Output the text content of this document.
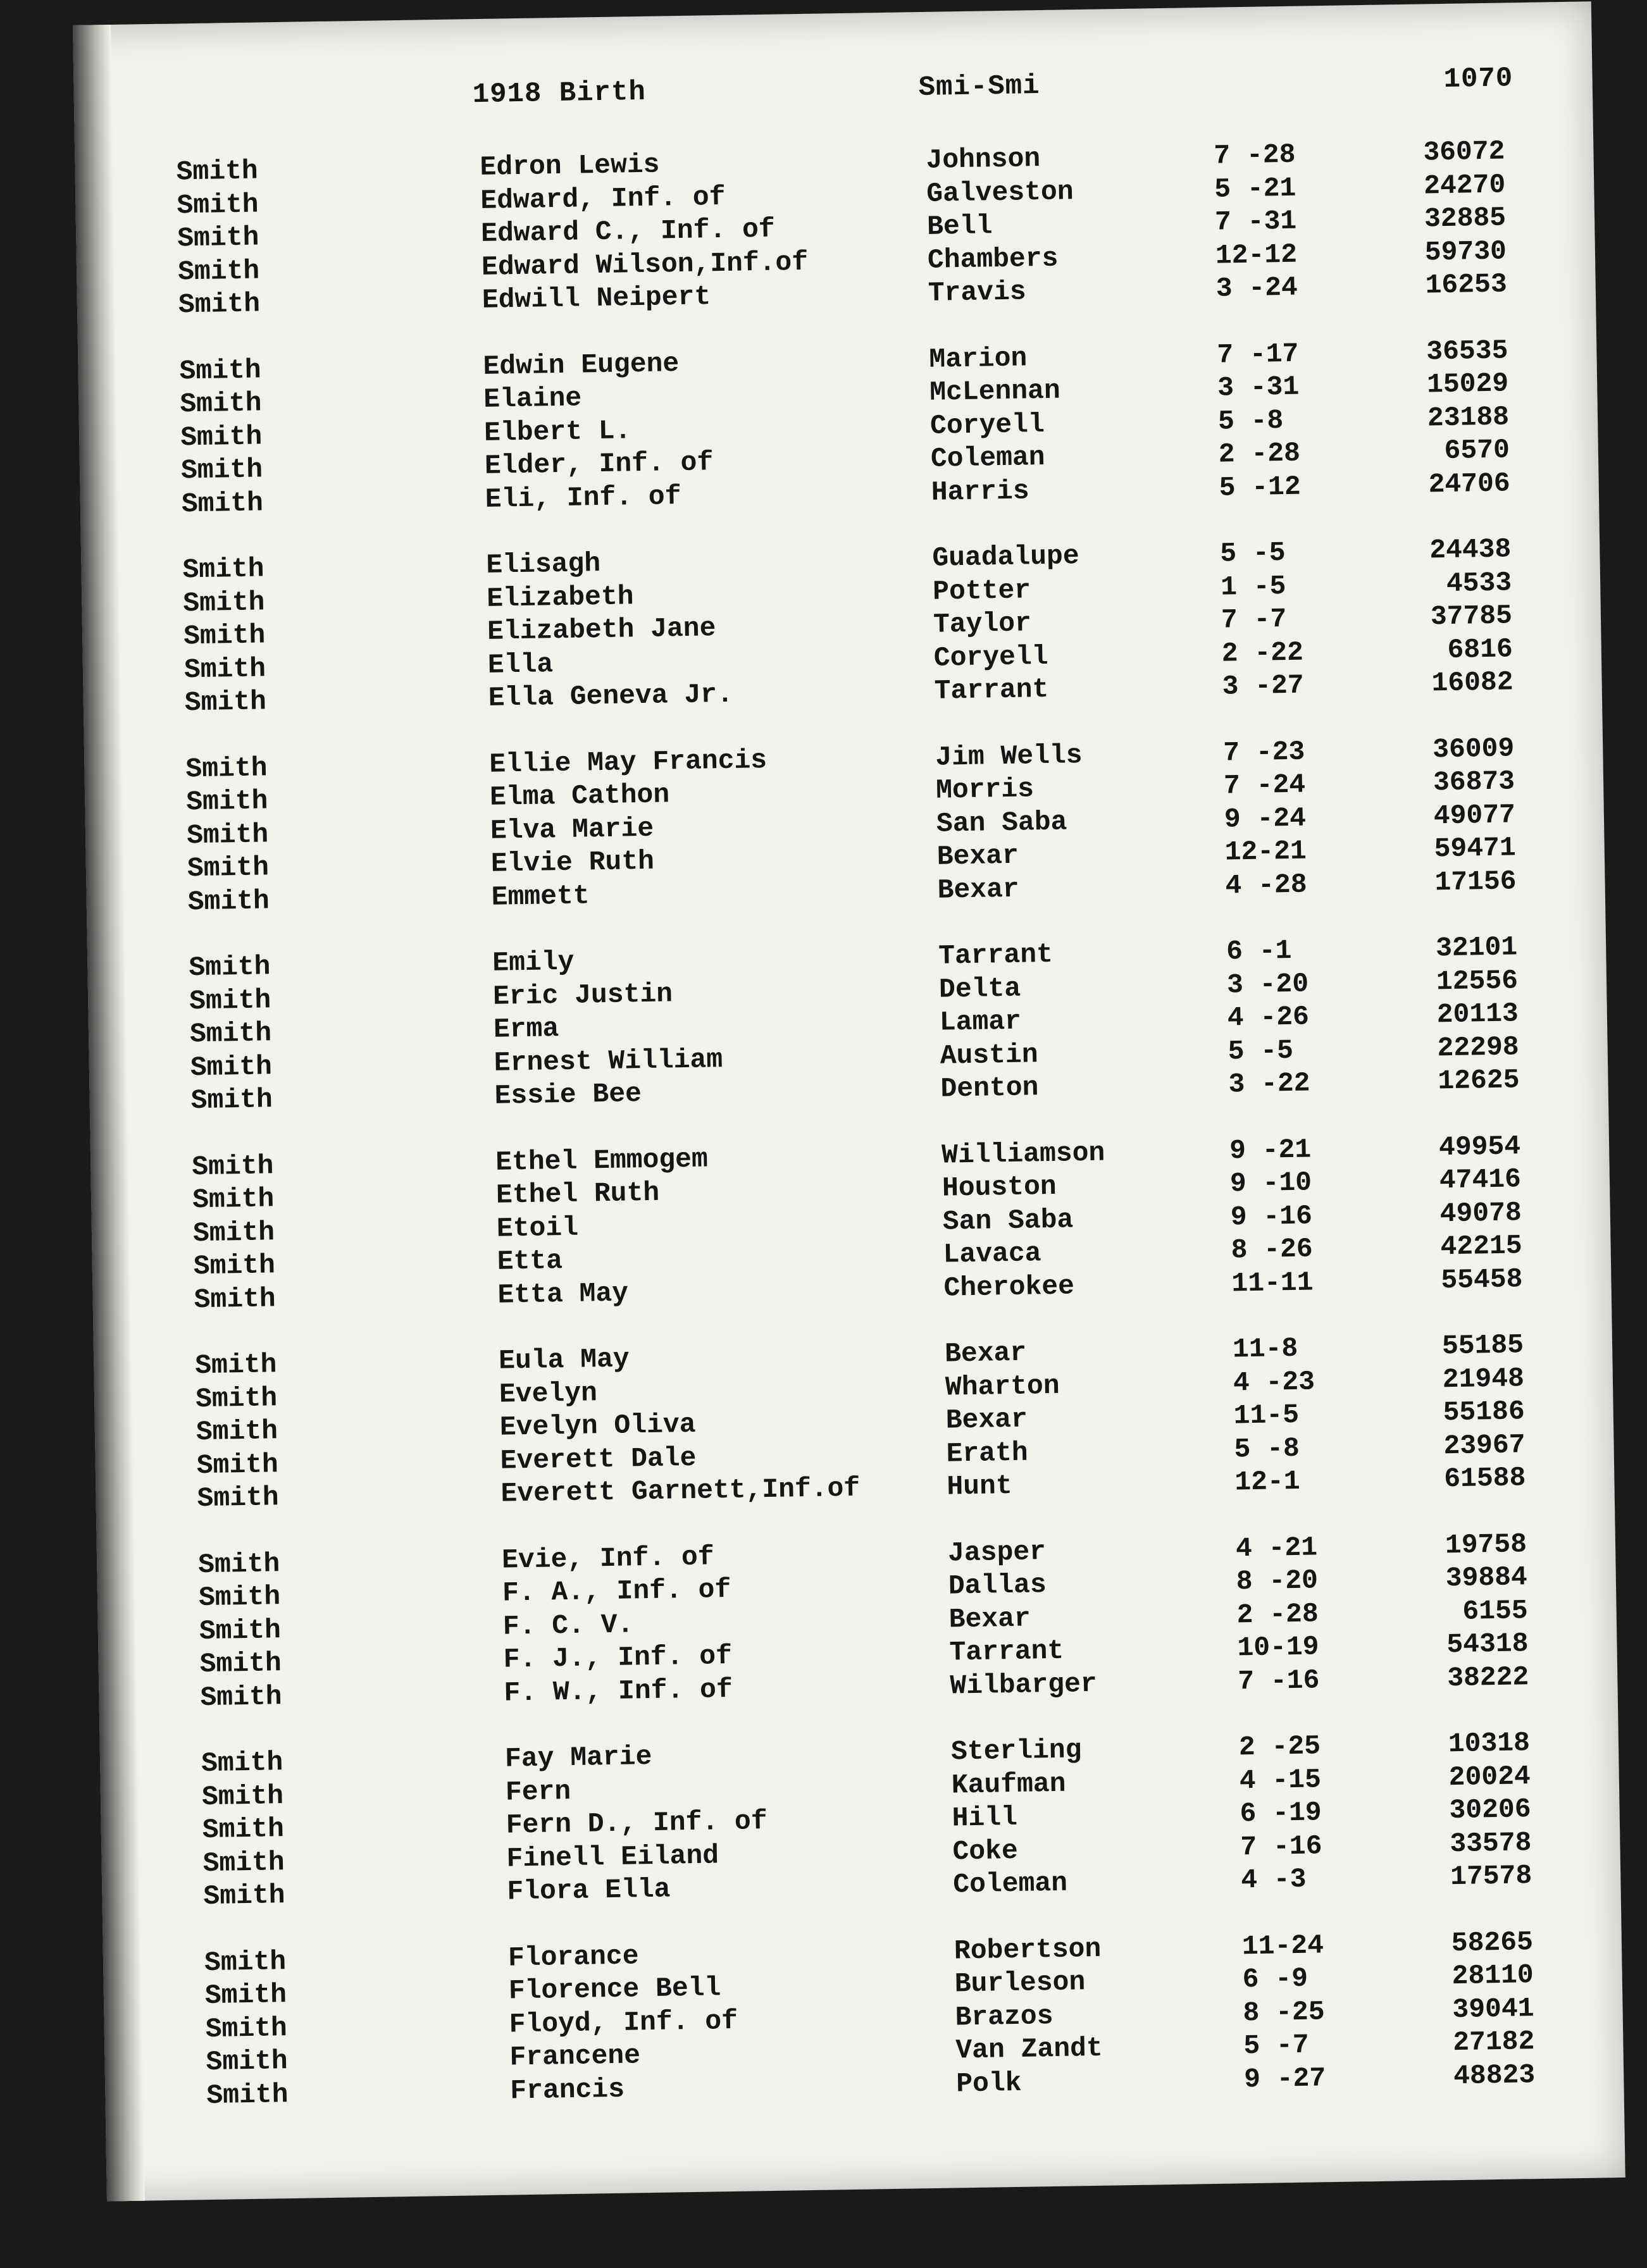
1918 Birth	Smi-Smi	1070
Smith	Edron Lewis	Johnson	7 -28	36072
Smith	Edward, Inf. of	Galveston	5 -21	24270
Smith	Edward C., Inf. of	Bell	7 -31	32885
Smith	Edward Wilson,Inf.of	Chambers	12-12	59730
Smith	Edwill Neipert	Travis	3 -24	16253
Smith	Edwin Eugene	Marion	7 -17	36535
Smith	Elaine	McLennan	3 -31	15029
Smith	Elbert L.	Coryell	5 -8	23188
Smith	Elder, Inf. of	Coleman	2 -28	6570
Smith	Eli, Inf. of	Harris	5 -12	24706
Smith	Elisagh	Guadalupe	5 -5	24438
Smith	Elizabeth	Potter	1 -5	4533
Smith	Elizabeth Jane	Taylor	7 -7	37785
Smith	Ella	Coryell	2 -22	6816
Smith	Ella Geneva Jr.	Tarrant	3 -27	16082
Smith	Ellie May Francis	Jim Wells	7 -23	36009
Smith	Elma Cathon	Morris	7 -24	36873
Smith	Elva Marie	San Saba	9 -24	49077
Smith	Elvie Ruth	Bexar	12-21	59471
Smith	Emmett	Bexar	4 -28	17156
Smith	Emily	Tarrant	6 -1	32101
Smith	Eric Justin	Delta	3 -20	12556
Smith	Erma	Lamar	4 -26	20113
Smith	Ernest William	Austin	5 -5	22298
Smith	Essie Bee	Denton	3 -22	12625
Smith	Ethel Emmogem	Williamson	9 -21	49954
Smith	Ethel Ruth	Houston	9 -10	47416
Smith	Etoil	San Saba	9 -16	49078
Smith	Etta	Lavaca	8 -26	42215
Smith	Etta May	Cherokee	11-11	55458
Smith	Eula May	Bexar	11-8	55185
Smith	Evelyn	Wharton	4 -23	21948
Smith	Evelyn Oliva	Bexar	11-5	55186
Smith	Everett Dale	Erath	5 -8	23967
Smith	Everett Garnett,Inf.of	Hunt	12-1	61588
Smith	Evie, Inf. of	Jasper	4 -21	19758
Smith	F. A., Inf. of	Dallas	8 -20	39884
Smith	F. C. V.	Bexar	2 -28	6155
Smith	F. J., Inf. of	Tarrant	10-19	54318
Smith	F. W., Inf. of	Wilbarger	7 -16	38222
Smith	Fay Marie	Sterling	2 -25	10318
Smith	Fern	Kaufman	4 -15	20024
Smith	Fern D., Inf. of	Hill	6 -19	30206
Smith	Finell Eiland	Coke	7 -16	33578
Smith	Flora Ella	Coleman	4 -3	17578
Smith	Florance	Robertson	11-24	58265
Smith	Florence Bell	Burleson	6 -9	28110
Smith	Floyd, Inf. of	Brazos	8 -25	39041
Smith	Francene	Van Zandt	5 -7	27182
Smith	Francis	Polk	9 -27	48823
